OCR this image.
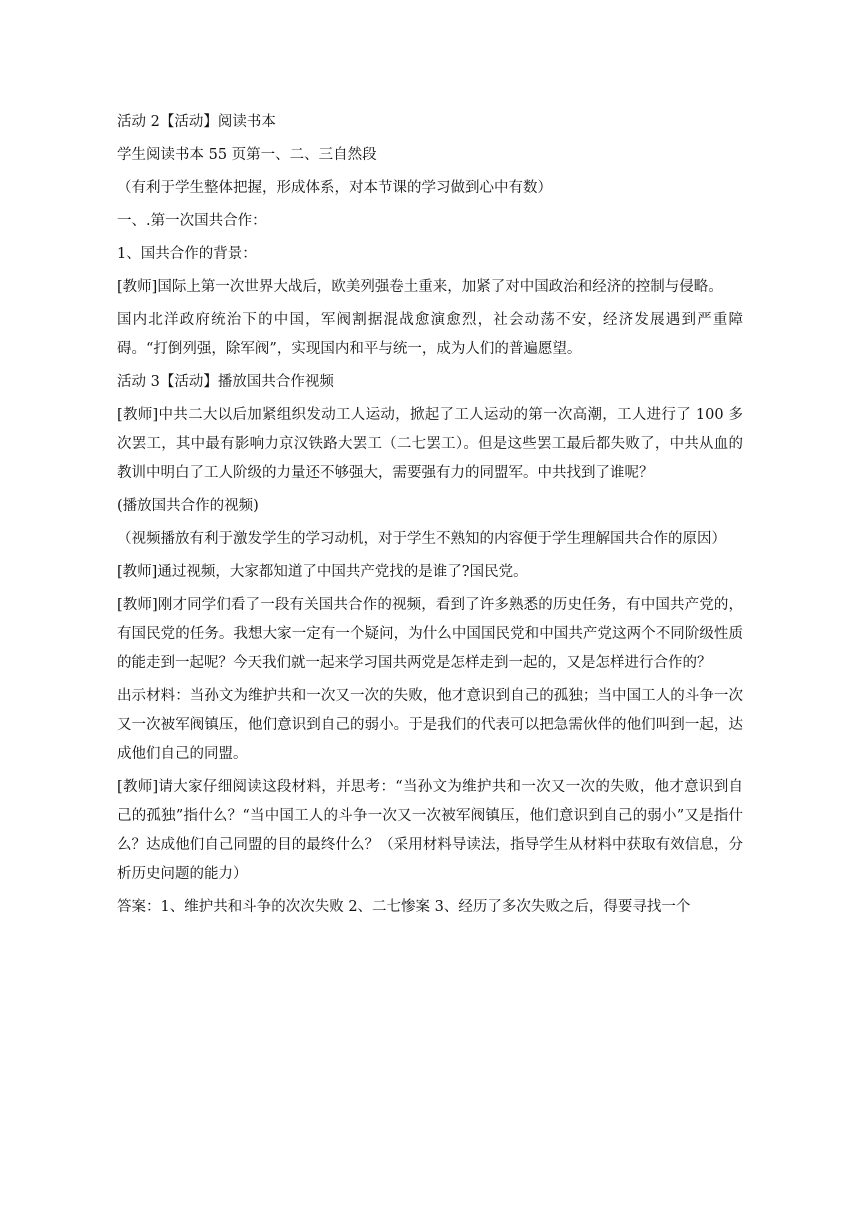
活动 2【活动】阅读书本

学生阅读书本 55 页第一、二、三自然段

（有利于学生整体把握，形成体系，对本节课的学习做到心中有数）

一、.第一次国共合作：

1、国共合作的背景：

[教师]国际上第一次世界大战后，欧美列强卷土重来，加紧了对中国政治和经济的控制与侵略。

国内北洋政府统治下的中国，军阀割据混战愈演愈烈，社会动荡不安，经济发展遇到严重障碍。“打倒列强，除军阀”，实现国内和平与统一，成为人们的普遍愿望。

活动 3【活动】播放国共合作视频

[教师]中共二大以后加紧组织发动工人运动，掀起了工人运动的第一次高潮，工人进行了 100 多次罢工，其中最有影响力京汉铁路大罢工（二七罢工）。但是这些罢工最后都失败了，中共从血的教训中明白了工人阶级的力量还不够强大，需要强有力的同盟军。中共找到了谁呢？

(播放国共合作的视频)

（视频播放有利于激发学生的学习动机，对于学生不熟知的内容便于学生理解国共合作的原因）

[教师]通过视频，大家都知道了中国共产党找的是谁了?国民党。

[教师]刚才同学们看了一段有关国共合作的视频，看到了许多熟悉的历史任务，有中国共产党的，有国民党的任务。我想大家一定有一个疑问，为什么中国国民党和中国共产党这两个不同阶级性质的能走到一起呢？今天我们就一起来学习国共两党是怎样走到一起的，又是怎样进行合作的？

出示材料：当孙文为维护共和一次又一次的失败，他才意识到自己的孤独；当中国工人的斗争一次又一次被军阀镇压，他们意识到自己的弱小。于是我们的代表可以把急需伙伴的他们叫到一起，达成他们自己的同盟。

[教师]请大家仔细阅读这段材料，并思考：“当孙文为维护共和一次又一次的失败，他才意识到自己的孤独”指什么？“当中国工人的斗争一次又一次被军阀镇压，他们意识到自己的弱小”又是指什么？达成他们自己同盟的目的最终什么？（采用材料导读法，指导学生从材料中获取有效信息，分析历史问题的能力）

答案：1、维护共和斗争的次次失败 2、二七惨案 3、经历了多次失败之后，得要寻找一个
